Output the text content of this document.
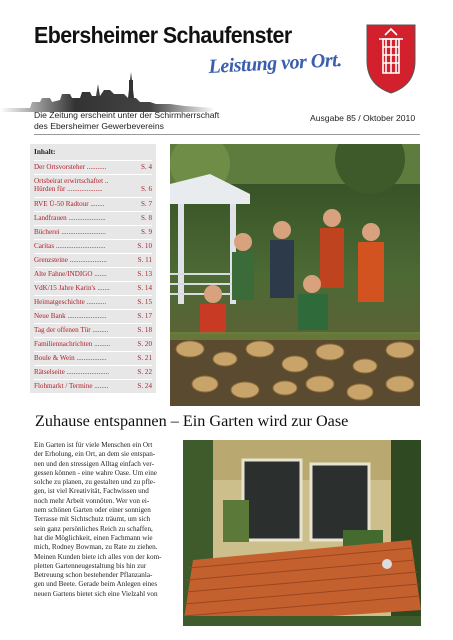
Ebersheimer Schaufenster
Leistung vor Ort.
Die Zeitung erscheint unter der Schirmherrschaft
des Ebersheimer Gewerbevereins
Ausgabe 85 / Oktober 2010
Inhalt:
Der Ortsvorsteher ...........	S. 4
Ortsbeirat erwirtschaftet ..
Hürden für ....................	S. 6
RVE Ü-50 Radtour ........	S. 7
Landfrauen .....................	S. 8
Bücherei .........................	S. 9
Caritas ............................	S. 10
Grenzsteine .....................	S. 11
Alte Fahne/INDIGO .......	S. 13
VdK/15 Jahre Karin's .......	S. 14
Heimatgeschichte ...........	S. 15
Neue Bank ......................	S. 17
Tag der offenen Tür .........	S. 18
Familiennachrichten .........	S. 20
Boule & Wein .................	S. 21
Rätselseite ........................	S. 22
Flohmarkt / Termine ........	S. 24
Zuhause entspannen – Ein Garten wird zur Oase
Ein Garten ist für viele Menschen ein Ort
der Erholung, ein Ort, an dem sie entspan-
nen und den stressigen Alltag einfach ver-
gessen können - eine wahre Oase. Um eine
solche zu planen, zu gestalten und zu pfle-
gen, ist viel Kreativität, Fachwissen und
noch mehr Arbeit vonnöten. Wer von ei-
nem schönen Garten oder einer sonnigen
Terrasse mit Sichtschutz träumt, um sich
sein ganz persönliches Reich zu schaffen,
hat die Möglichkeit, einen Fachmann wie
mich, Rodney Bowman, zu Rate zu ziehen.
Meinen Kunden biete ich alles von der kom-
pletten Gartenneugestaltung bis hin zur
Betreuung schon bestehender Pflanzanla-
gen und Beete. Gerade beim Anlegen eines
neuen Gartens bietet sich eine Vielzahl von
